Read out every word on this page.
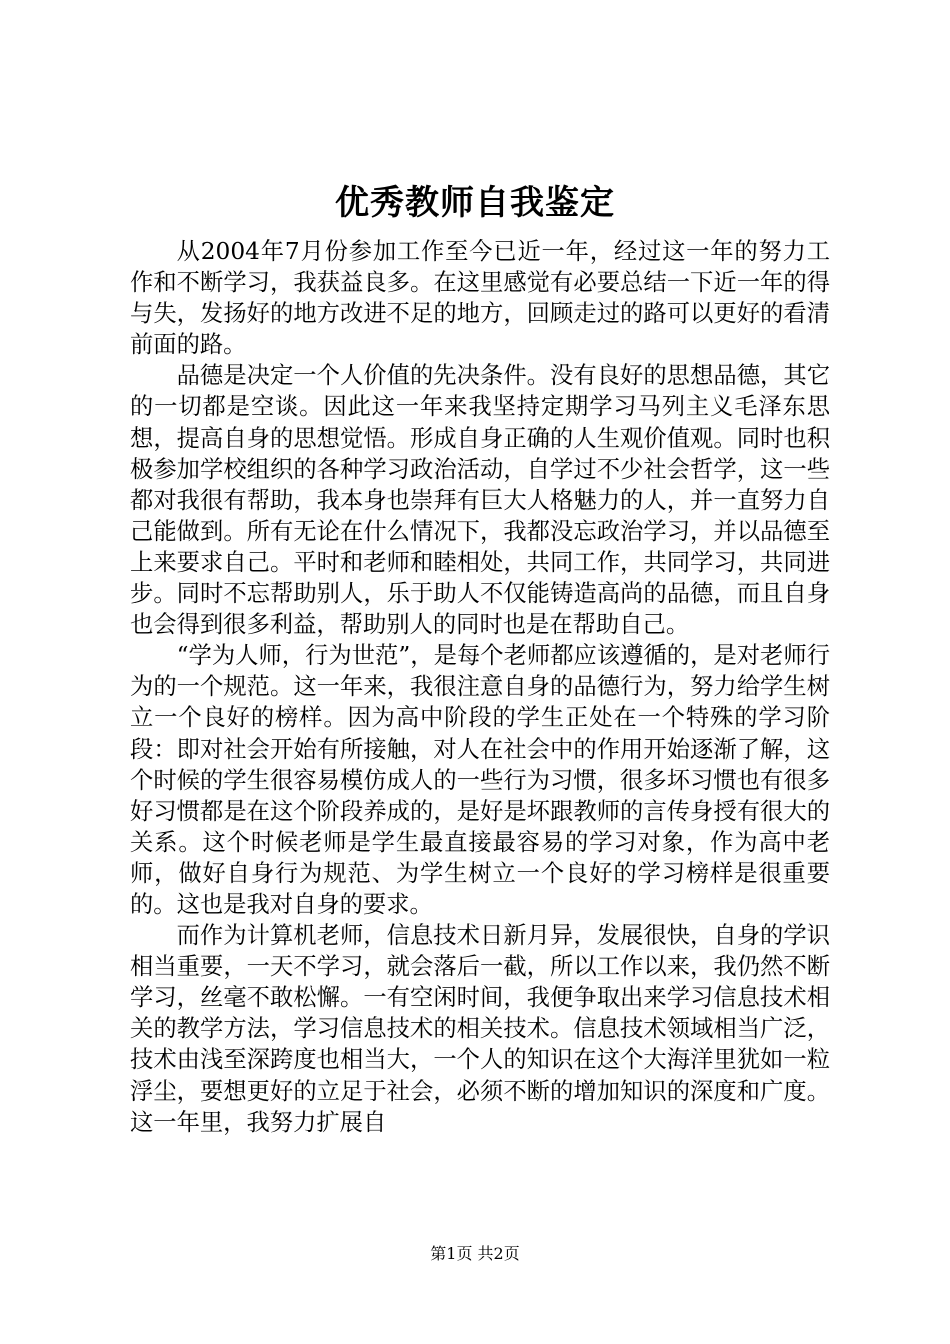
优秀教师自我鉴定

从2004年7月份参加工作至今已近一年，经过这一年的努力工作和不断学习，我获益良多。在这里感觉有必要总结一下近一年的得与失，发扬好的地方改进不足的地方，回顾走过的路可以更好的看清前面的路。

品德是决定一个人价值的先决条件。没有良好的思想品德，其它的一切都是空谈。因此这一年来我坚持定期学习马列主义毛泽东思想，提高自身的思想觉悟。形成自身正确的人生观价值观。同时也积极参加学校组织的各种学习政治活动，自学过不少社会哲学，这一些都对我很有帮助，我本身也崇拜有巨大人格魅力的人，并一直努力自己能做到。所有无论在什么情况下，我都没忘政治学习，并以品德至上来要求自己。平时和老师和睦相处，共同工作，共同学习，共同进步。同时不忘帮助别人，乐于助人不仅能铸造高尚的品德，而且自身也会得到很多利益，帮助别人的同时也是在帮助自己。

“学为人师，行为世范”，是每个老师都应该遵循的，是对老师行为的一个规范。这一年来，我很注意自身的品德行为，努力给学生树立一个良好的榜样。因为高中阶段的学生正处在一个特殊的学习阶段：即对社会开始有所接触，对人在社会中的作用开始逐渐了解，这个时候的学生很容易模仿成人的一些行为习惯，很多坏习惯也有很多好习惯都是在这个阶段养成的，是好是坏跟教师的言传身授有很大的关系。这个时候老师是学生最直接最容易的学习对象，作为高中老师，做好自身行为规范、为学生树立一个良好的学习榜样是很重要的。这也是我对自身的要求。

而作为计算机老师，信息技术日新月异，发展很快，自身的学识相当重要，一天不学习，就会落后一截，所以工作以来，我仍然不断学习，丝毫不敢松懈。一有空闲时间，我便争取出来学习信息技术相关的教学方法，学习信息技术的相关技术。信息技术领域相当广泛，技术由浅至深跨度也相当大，一个人的知识在这个大海洋里犹如一粒浮尘，要想更好的立足于社会，必须不断的增加知识的深度和广度。这一年里，我努力扩展自

第1页 共2页
